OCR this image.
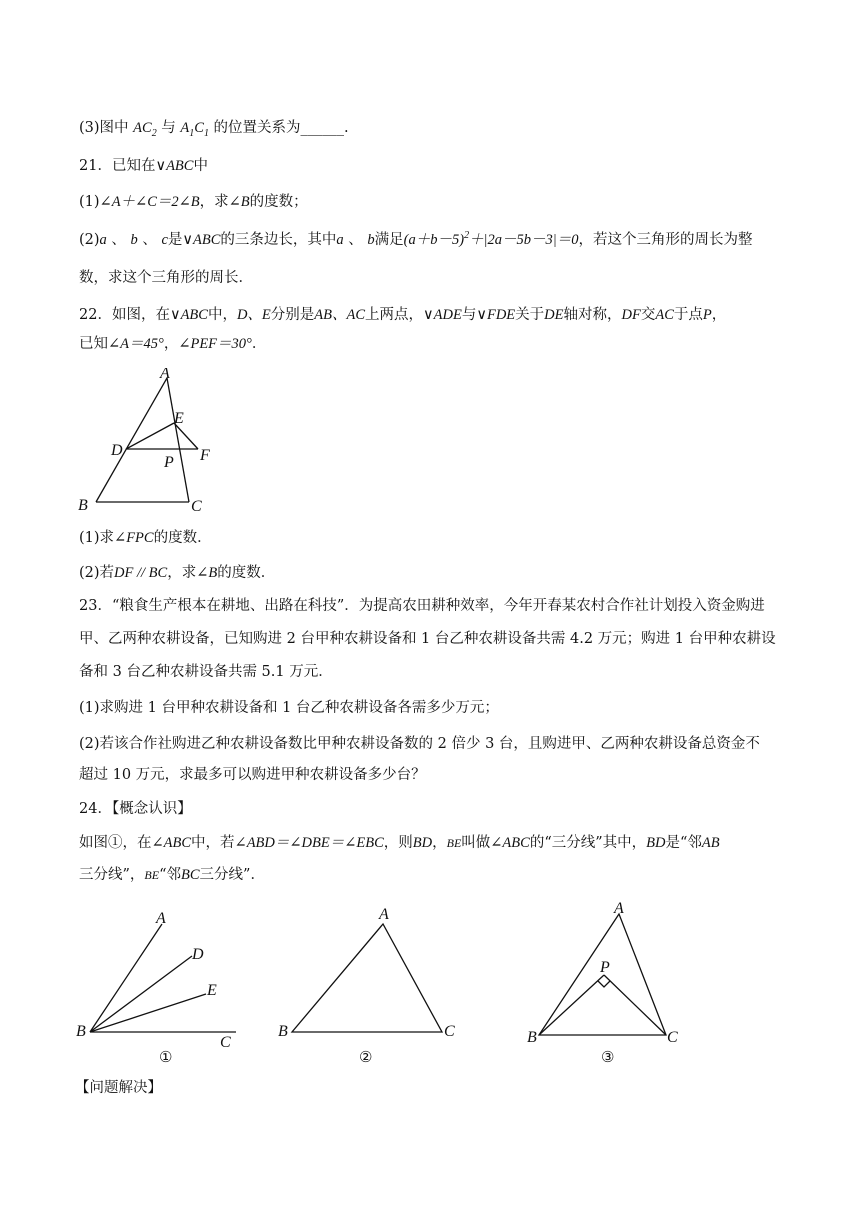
(3)图中 $AC_2$ 与 $A_1C_1$ 的位置关系为______.
21．已知在∨ABC中
(1)∠A＋∠C＝2∠B，求∠B的度数；
(2)a 、 b 、 c是∨ABC的三条边长，其中a 、 b满足$(a+b-5)^2+|2a-5b-3|=0$，若这个三角形的周长为整
数，求这个三角形的周长．
22．如图，在∨ABC中，D、E分别是AB、AC上两点，∨ADE与∨FDE关于DE轴对称，DF交AC于点P，
已知∠A＝45°，∠PEF＝30°．
A
E
D	F
P
B	C
(1)求∠FPC的度数．
(2)若DF // BC，求∠B的度数．
23．“粮食生产根本在耕地、出路在科技”．为提高农田耕种效率，今年开春某农村合作社计划投入资金购进
甲、乙两种农耕设备，已知购进 2 台甲种农耕设备和 1 台乙种农耕设备共需 4.2 万元；购进 1 台甲种农耕设
备和 3 台乙种农耕设备共需 5.1 万元．
(1)求购进 1 台甲种农耕设备和 1 台乙种农耕设备各需多少万元；
(2)若该合作社购进乙种农耕设备数比甲种农耕设备数的 2 倍少 3 台，且购进甲、乙两种农耕设备总资金不
超过 10 万元，求最多可以购进甲种农耕设备多少台？
24．【概念认识】
如图①，在∠ABC中，若∠ABD＝∠DBE＝∠EBC，则BD，BE叫做∠ABC的“三分线”其中，BD是“邻AB
三分线”，BE“邻BC三分线”．
A
D
E
B
C
①
A
B	C
②
A
P
B	C
③
【问题解决】
